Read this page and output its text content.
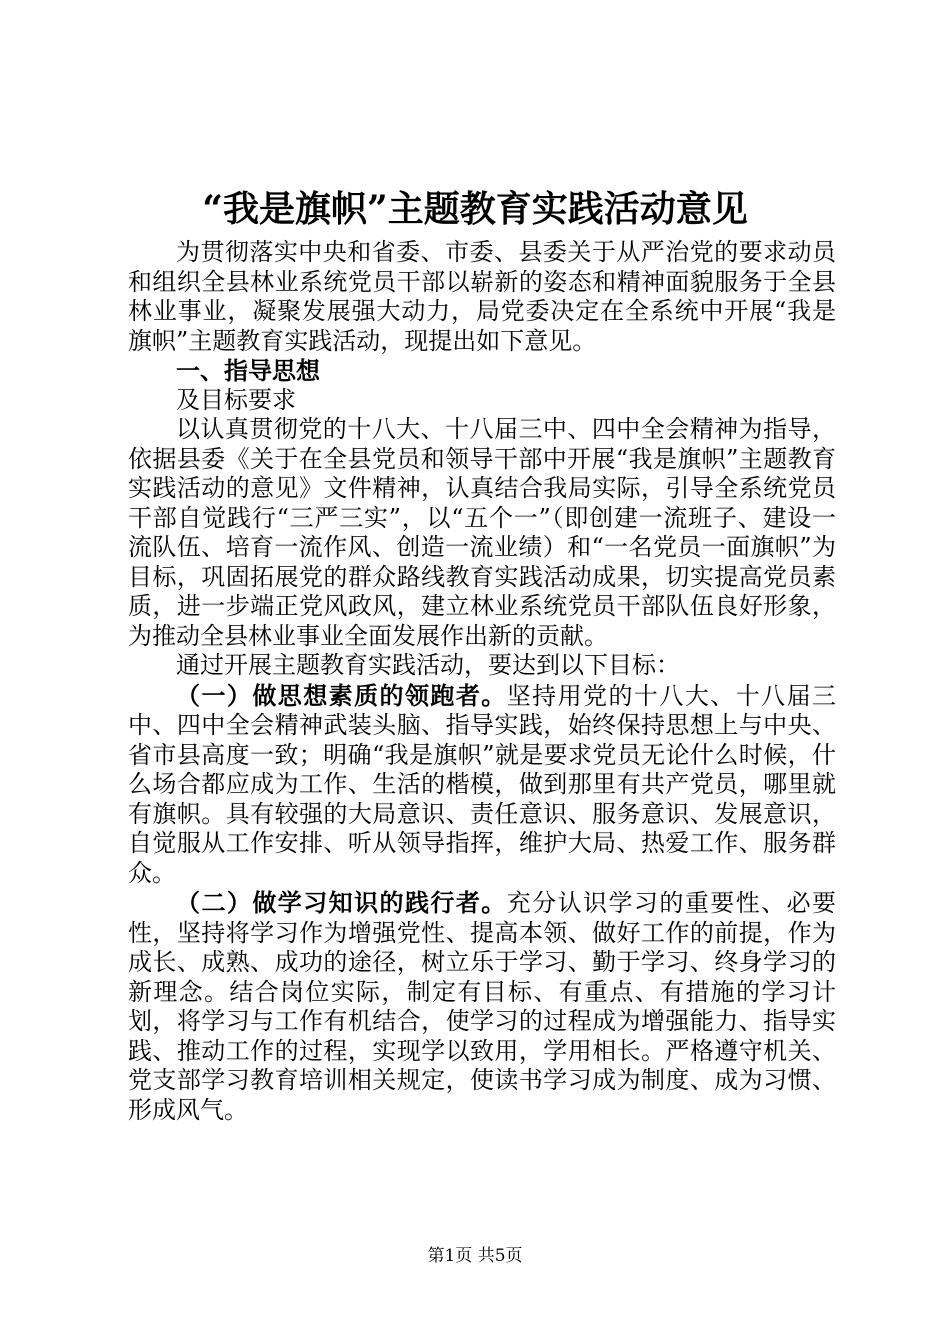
“我是旗帜”主题教育实践活动意见

为贯彻落实中央和省委、市委、县委关于从严治党的要求动员和组织全县林业系统党员干部以崭新的姿态和精神面貌服务于全县林业事业，凝聚发展强大动力，局党委决定在全系统中开展“我是旗帜”主题教育实践活动，现提出如下意见。

一、指导思想

及目标要求

以认真贯彻党的十八大、十八届三中、四中全会精神为指导，依据县委《关于在全县党员和领导干部中开展“我是旗帜”主题教育实践活动的意见》文件精神，认真结合我局实际，引导全系统党员干部自觉践行“三严三实”，以“五个一”（即创建一流班子、建设一流队伍、培育一流作风、创造一流业绩）和“一名党员一面旗帜”为目标，巩固拓展党的群众路线教育实践活动成果，切实提高党员素质，进一步端正党风政风，建立林业系统党员干部队伍良好形象，为推动全县林业事业全面发展作出新的贡献。

通过开展主题教育实践活动，要达到以下目标：

（一）做思想素质的领跑者。坚持用党的十八大、十八届三中、四中全会精神武装头脑、指导实践，始终保持思想上与中央、省市县高度一致；明确“我是旗帜”就是要求党员无论什么时候，什么场合都应成为工作、生活的楷模，做到那里有共产党员，哪里就有旗帜。具有较强的大局意识、责任意识、服务意识、发展意识，自觉服从工作安排、听从领导指挥，维护大局、热爱工作、服务群众。

（二）做学习知识的践行者。充分认识学习的重要性、必要性，坚持将学习作为增强党性、提高本领、做好工作的前提，作为成长、成熟、成功的途径，树立乐于学习、勤于学习、终身学习的新理念。结合岗位实际，制定有目标、有重点、有措施的学习计划，将学习与工作有机结合，使学习的过程成为增强能力、指导实践、推动工作的过程，实现学以致用，学用相长。严格遵守机关、党支部学习教育培训相关规定，使读书学习成为制度、成为习惯、形成风气。

第1页 共5页
